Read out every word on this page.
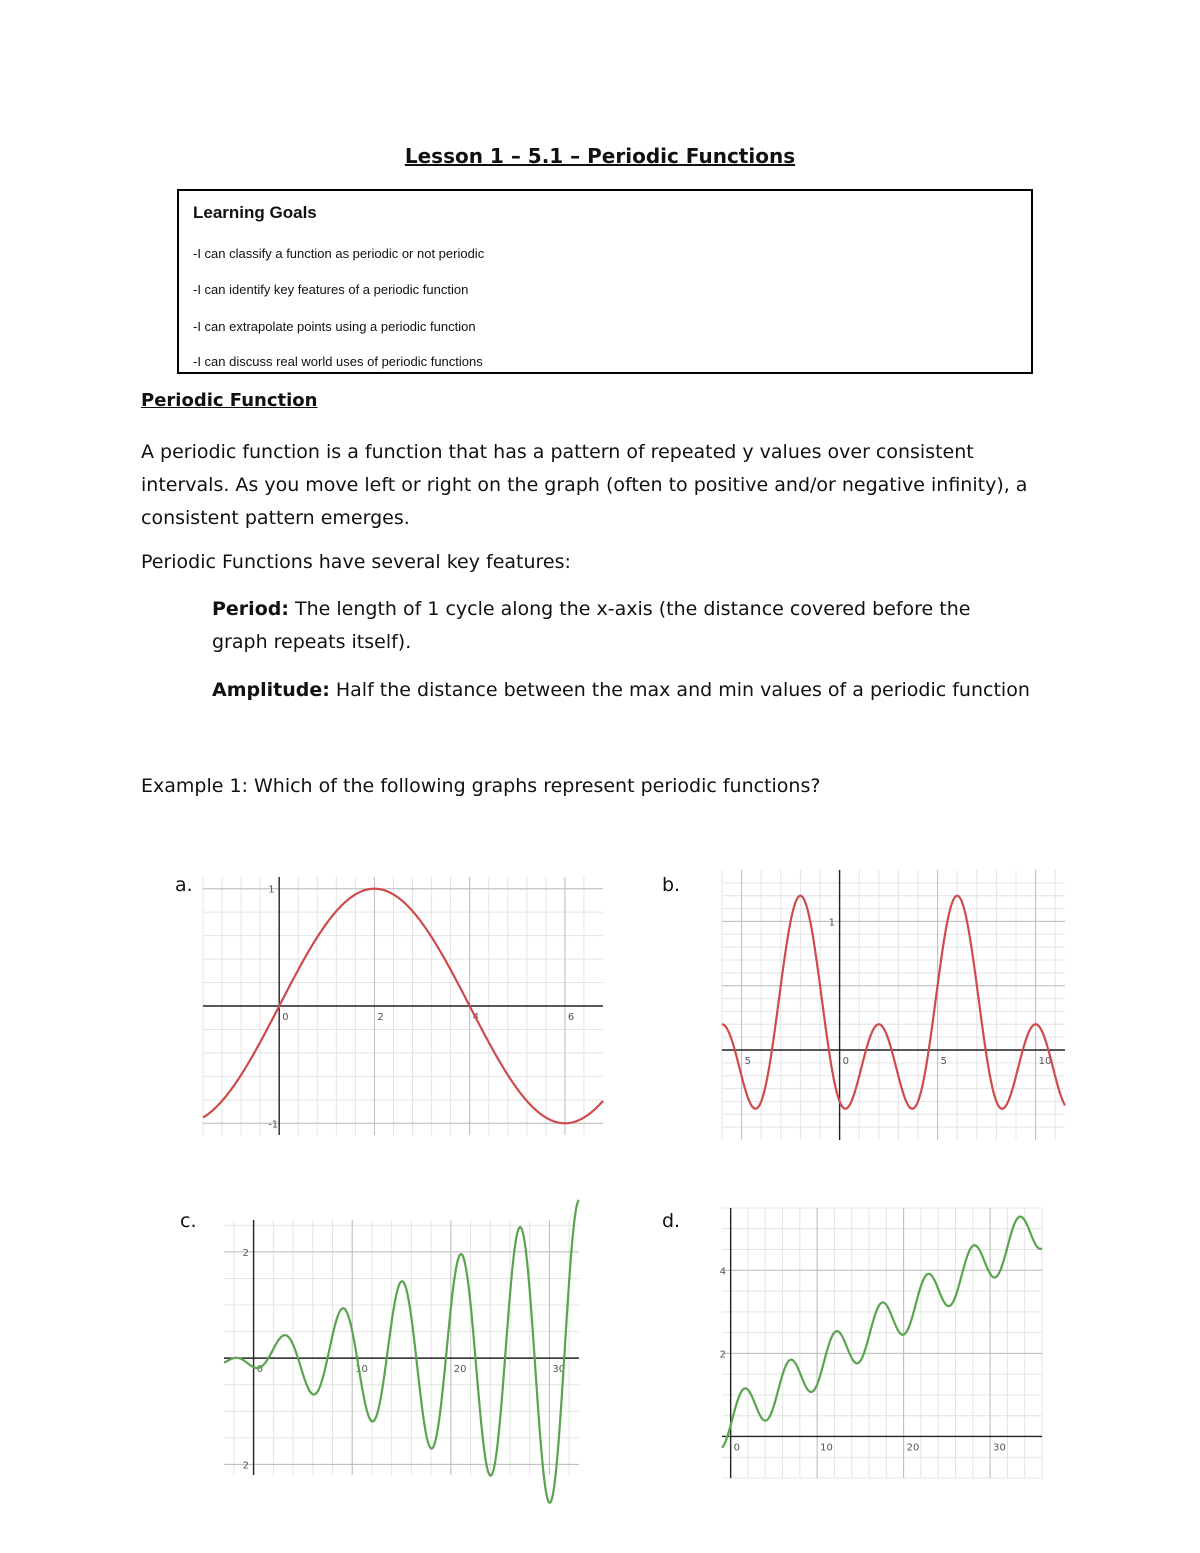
Lesson 1 – 5.1 – Periodic Functions
Learning Goals
-I can classify a function as periodic or not periodic
-I can identify key features of a periodic function
-I can extrapolate points using a periodic function
-I can discuss real world uses of periodic functions
Periodic Function
A periodic function is a function that has a pattern of repeated y values over consistent intervals. As you move left or right on the graph (often to positive and/or negative infinity), a consistent pattern emerges.
Periodic Functions have several key features:
Period: The length of 1 cycle along the x-axis (the distance covered before the
graph repeats itself).
Amplitude: Half the distance between the max and min values of a periodic function
Example 1: Which of the following graphs represent periodic functions?
a.	b.
c.	d.
0	2	4	6
1
-1
5	0	5	10
1
0	10	20	30
2
2
0	10	20	30
4
2
